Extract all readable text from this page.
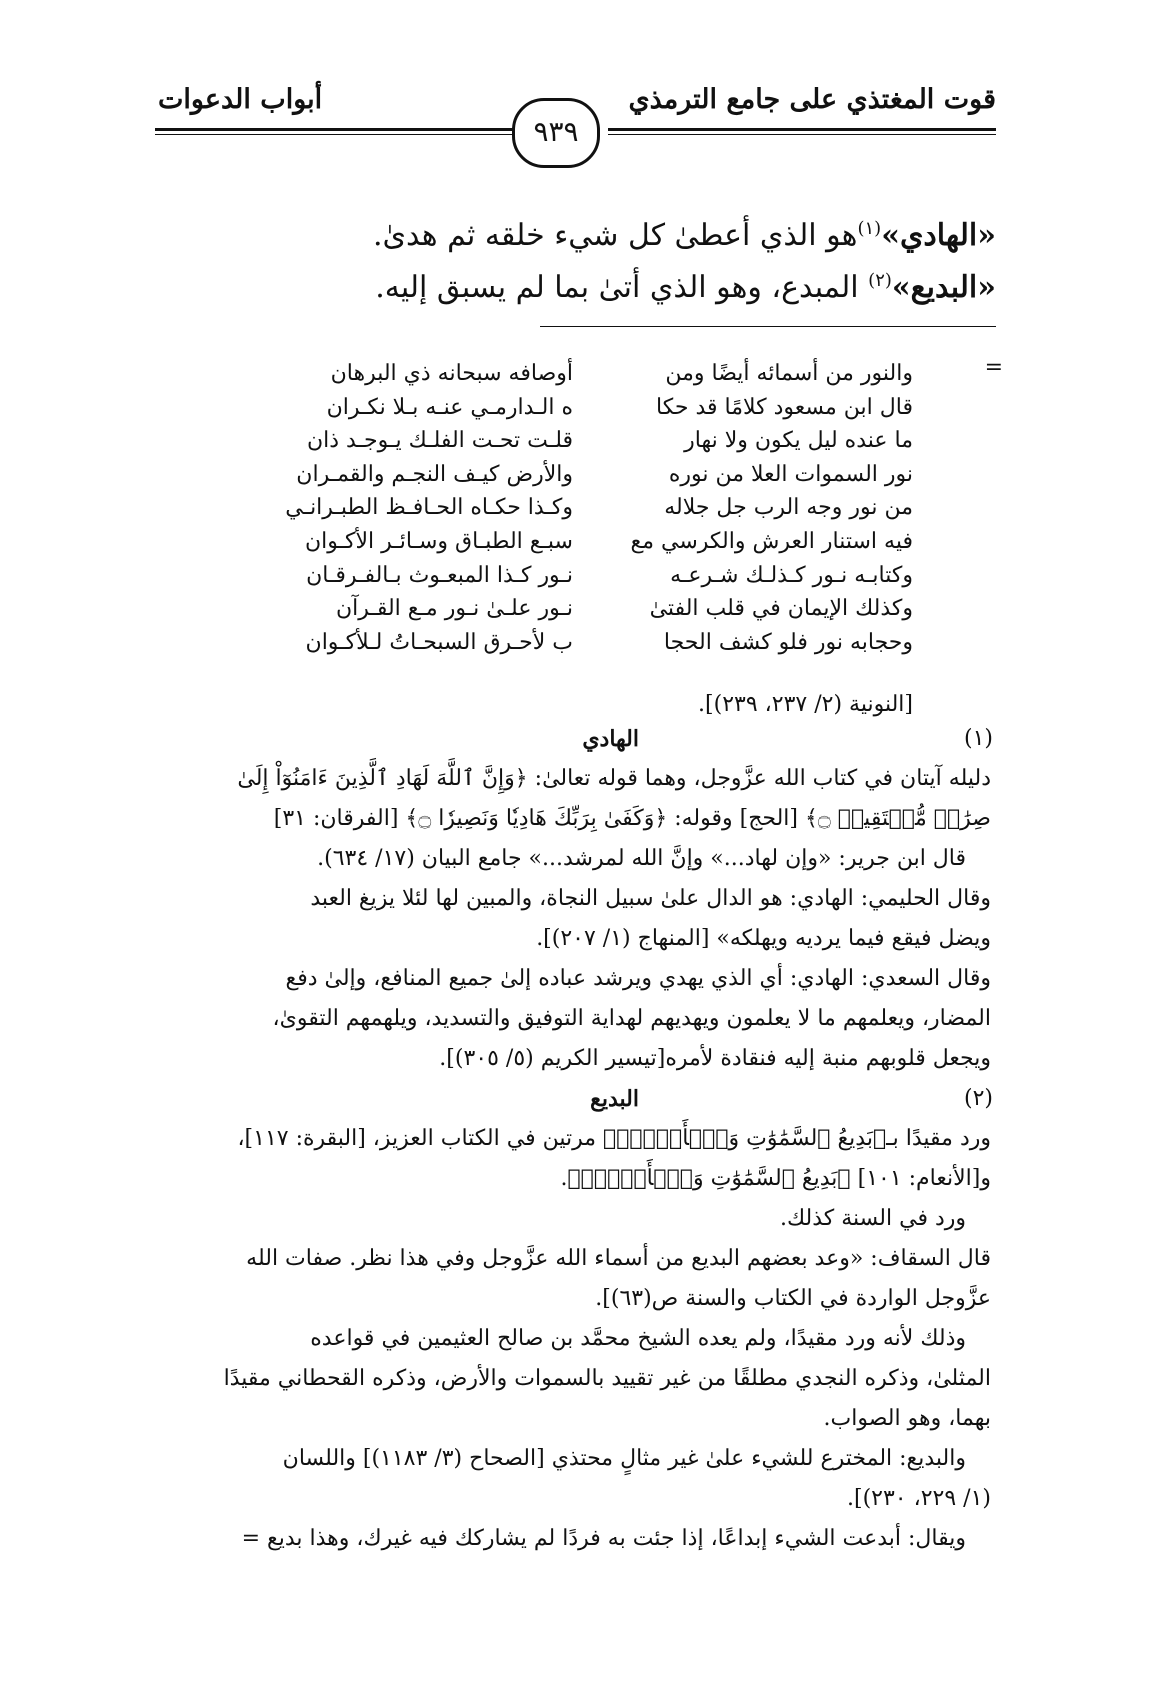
قوت المغتذي على جامع الترمذي
أبواب الدعوات
٩٣٩

«الهادي»$^{(١)}$هو الذي أعطىٰ كل شيء خلقه ثم هدىٰ.

«البديع»$^{(٢)}$ المبدع، وهو الذي أتىٰ بما لم يسبق إليه.

=
والنور من أسمائه أيضًا ومن
قال ابن مسعود كلامًا قد حكا
ما عنده ليل يكون ولا نهار
نور السموات العلا من نوره
من نور وجه الرب جل جلاله
فيه استنار العرش والكرسي مع
وكتابـه نـور كـذلـك شـرعـه
وكذلك الإيمان في قلب الفتىٰ
وحجابه نور فلو كشف الحجا
أوصافه سبحانه ذي البرهان
ه الـدارمـي عنـه بـلا نكـران
قلـت تحـت الفلـك يـوجـد ذان
والأرض كيـف النجـم والقمـران
وكـذا حكـاه الحـافـظ الطبـرانـي
سبـع الطبـاق وسـائـر الأكـوان
نـور كـذا المبعـوث بـالفـرقـان
نـور علـىٰ نـور مـع القـرآن
ب لأحـرق السبحـاتُ لـلأكـوان
[النونية (٢/ ٢٣٧، ٢٣٩)].
(١)
الهادي
دليله آيتان في كتاب الله عزَّوجل، وهما قوله تعالىٰ: ﴿وَإِنَّ ٱللَّهَ لَهَادِ ٱلَّذِينَ ءَامَنُوٓاْ إِلَىٰ
صِرَٰطٖ مُّسۡتَقِيمٖ ۝﴾ [الحج] وقوله: ﴿وَكَفَىٰ بِرَبِّكَ هَادِيٗا وَنَصِيرٗا ۝﴾ [الفرقان: ٣١]
قال ابن جرير: «وإن لهاد...» وإنَّ الله لمرشد...» جامع البيان (١٧/ ٦٣٤).
وقال الحليمي: الهادي: هو الدال علىٰ سبيل النجاة، والمبين لها لئلا يزيغ العبد
ويضل فيقع فيما يرديه ويهلكه» [المنهاج (١/ ٢٠٧)].
وقال السعدي: الهادي: أي الذي يهدي ويرشد عباده إلىٰ جميع المنافع، وإلىٰ دفع
المضار، ويعلمهم ما لا يعلمون ويهديهم لهداية التوفيق والتسديد، ويلهمهم التقوىٰ،
ويجعل قلوبهم منبة إليه فنقادة لأمره[تيسير الكريم (٥/ ٣٠٥)].
(٢)
البديع
ورد مقيدًا بـ﴿بَدِيعُ ٱلسَّمَٰوَٰتِ وَٱلۡأَرۡضِۖ﴾ مرتين في الكتاب العزيز، [البقرة: ١١٧]،
و[الأنعام: ١٠١] ﴿بَدِيعُ ٱلسَّمَٰوَٰتِ وَٱلۡأَرۡضِۖ﴾.
ورد في السنة كذلك.
قال السقاف: «وعد بعضهم البديع من أسماء الله عزَّوجل وفي هذا نظر. صفات الله
عزَّوجل الواردة في الكتاب والسنة ص(٦٣)].
وذلك لأنه ورد مقيدًا، ولم يعده الشيخ محمَّد بن صالح العثيمين في قواعده
المثلىٰ، وذكره النجدي مطلقًا من غير تقييد بالسموات والأرض، وذكره القحطاني مقيدًا
بهما، وهو الصواب.
والبديع: المخترع للشيء علىٰ غير مثالٍ محتذي [الصحاح (٣/ ١١٨٣)] واللسان
(١/ ٢٢٩، ٢٣٠)].
ويقال: أبدعت الشيء إبداعًا، إذا جئت به فردًا لم يشاركك فيه غيرك، وهذا بديع =
